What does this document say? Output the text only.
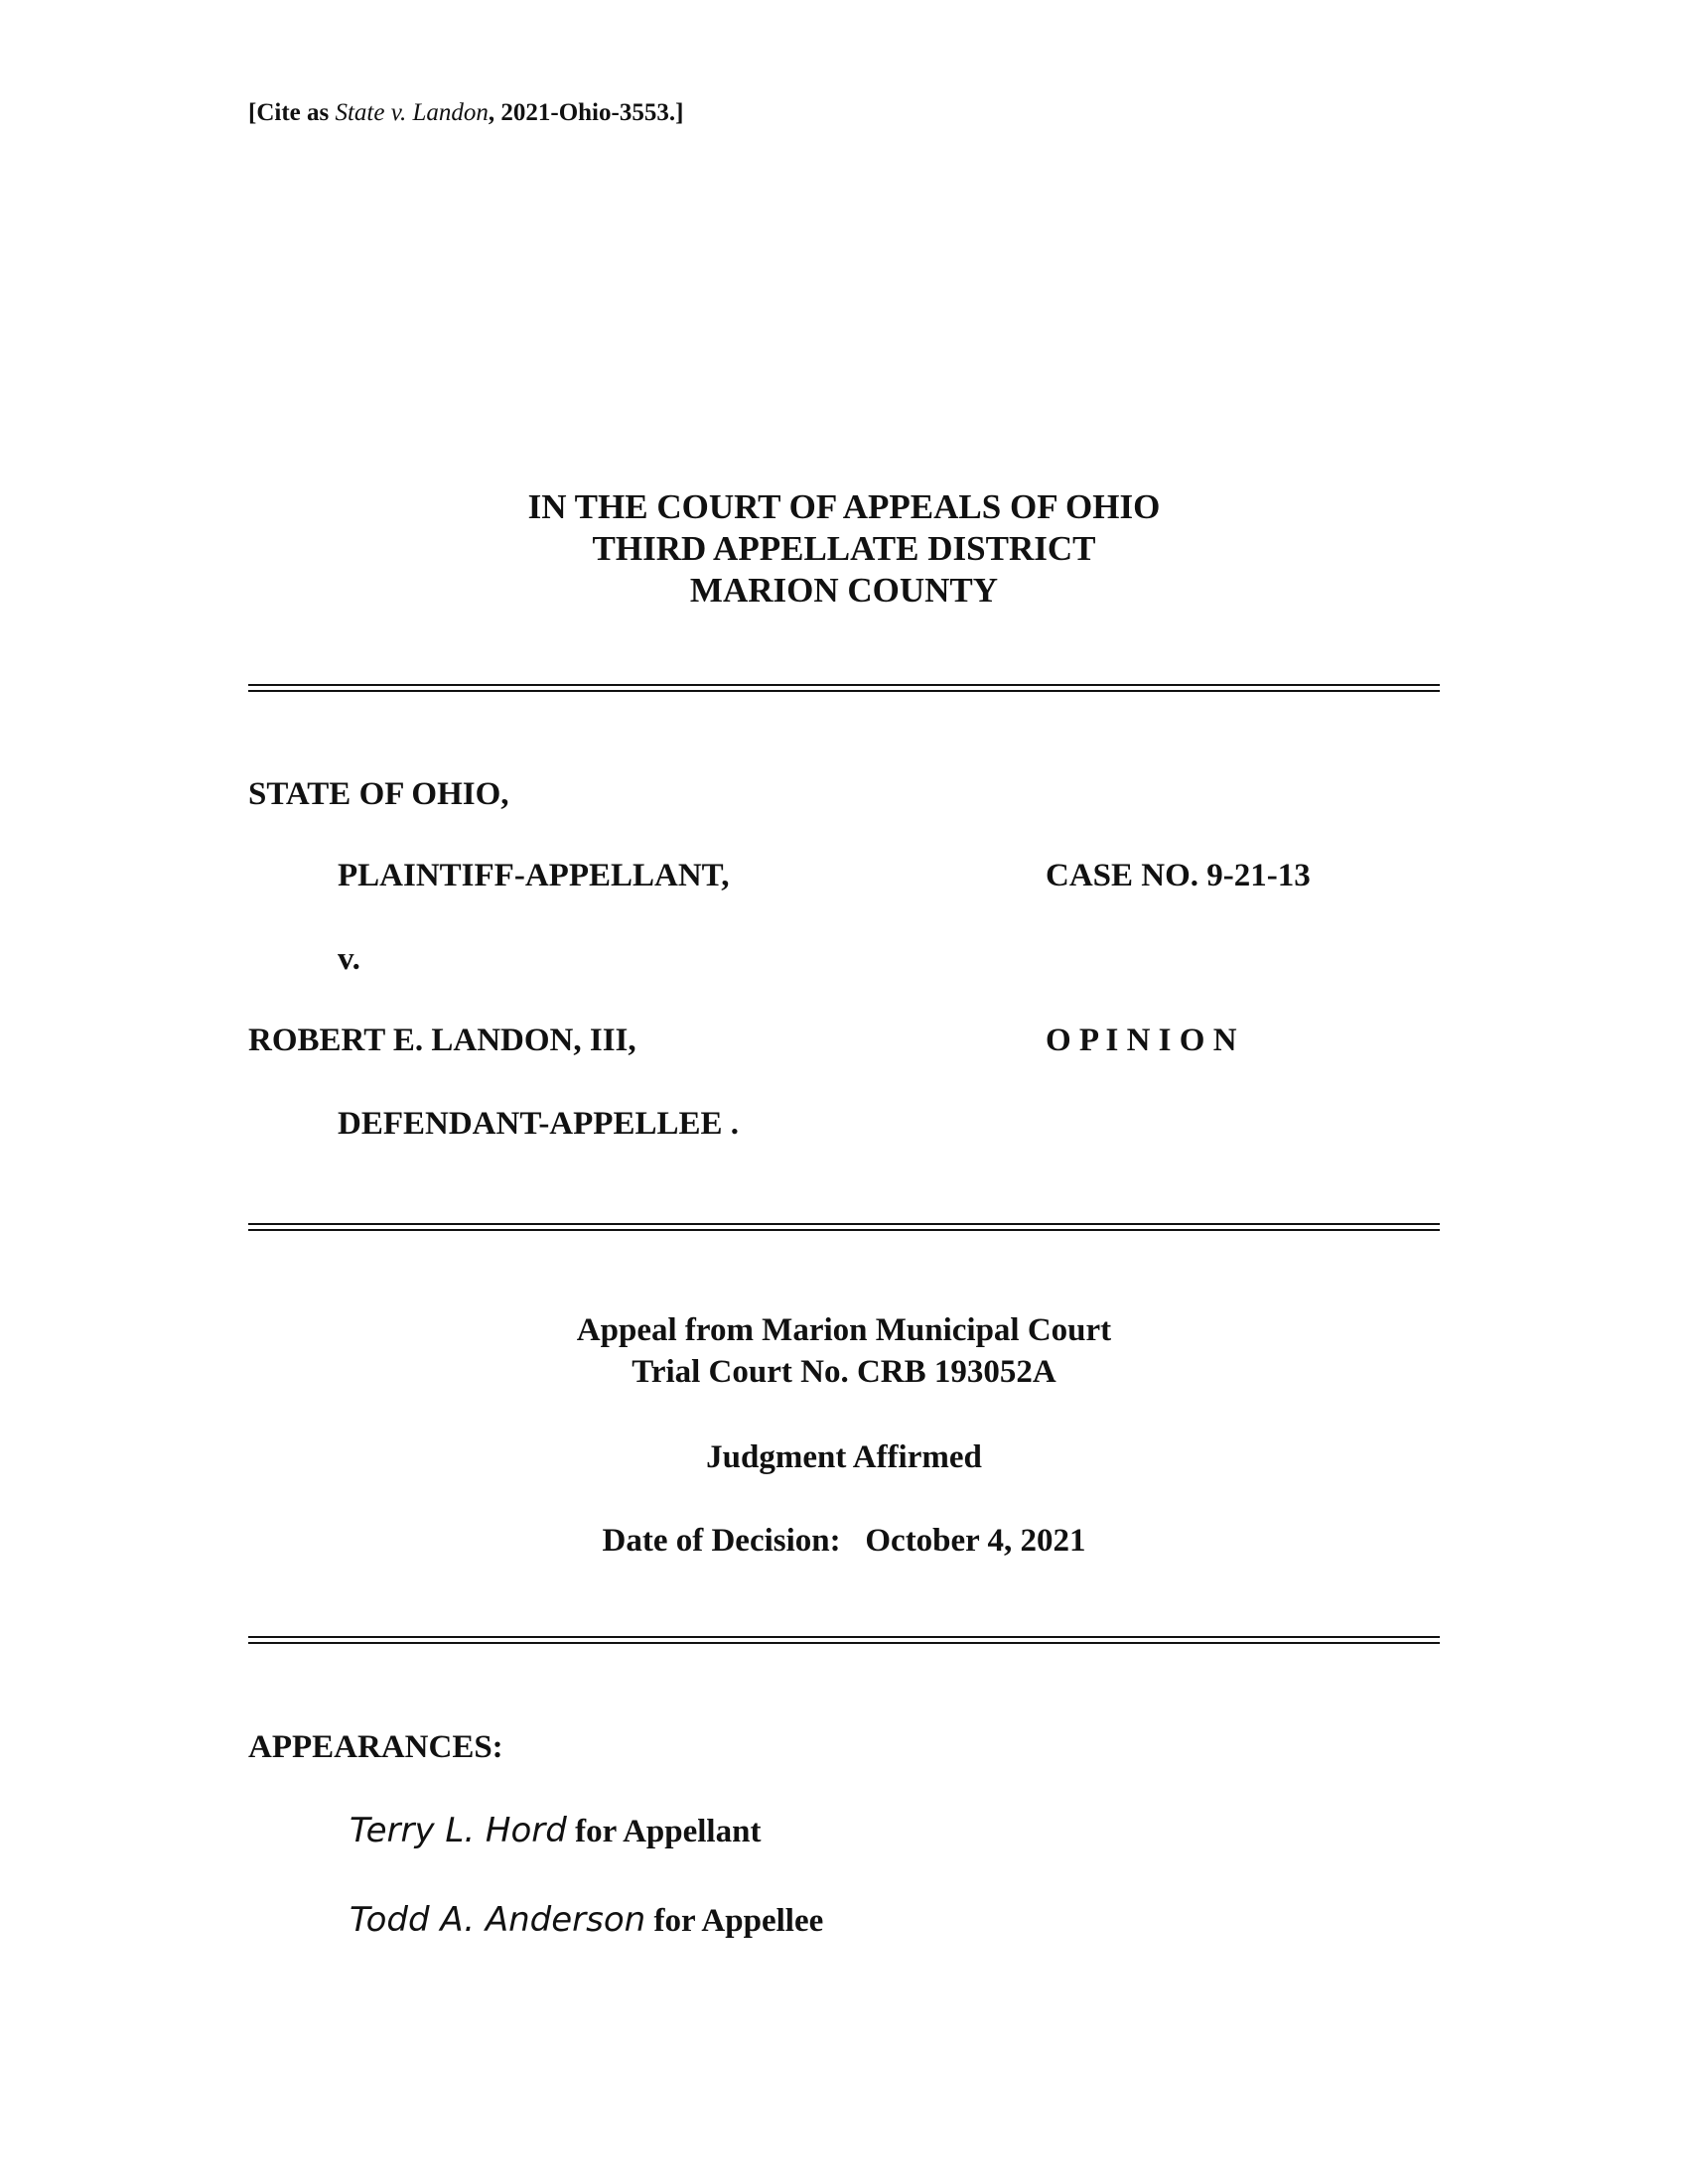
[Cite as State v. Landon, 2021-Ohio-3553.]
IN THE COURT OF APPEALS OF OHIO
THIRD APPELLATE DISTRICT
MARION COUNTY
STATE OF OHIO,
PLAINTIFF-APPELLANT,	CASE NO. 9-21-13
v.
ROBERT E. LANDON, III,	O P I N I O N
DEFENDANT-APPELLEE .
Appeal from Marion Municipal Court
Trial Court No. CRB 193052A
Judgment Affirmed
Date of Decision: October 4, 2021
APPEARANCES:
Terry L. Hord for Appellant
Todd A. Anderson for Appellee
